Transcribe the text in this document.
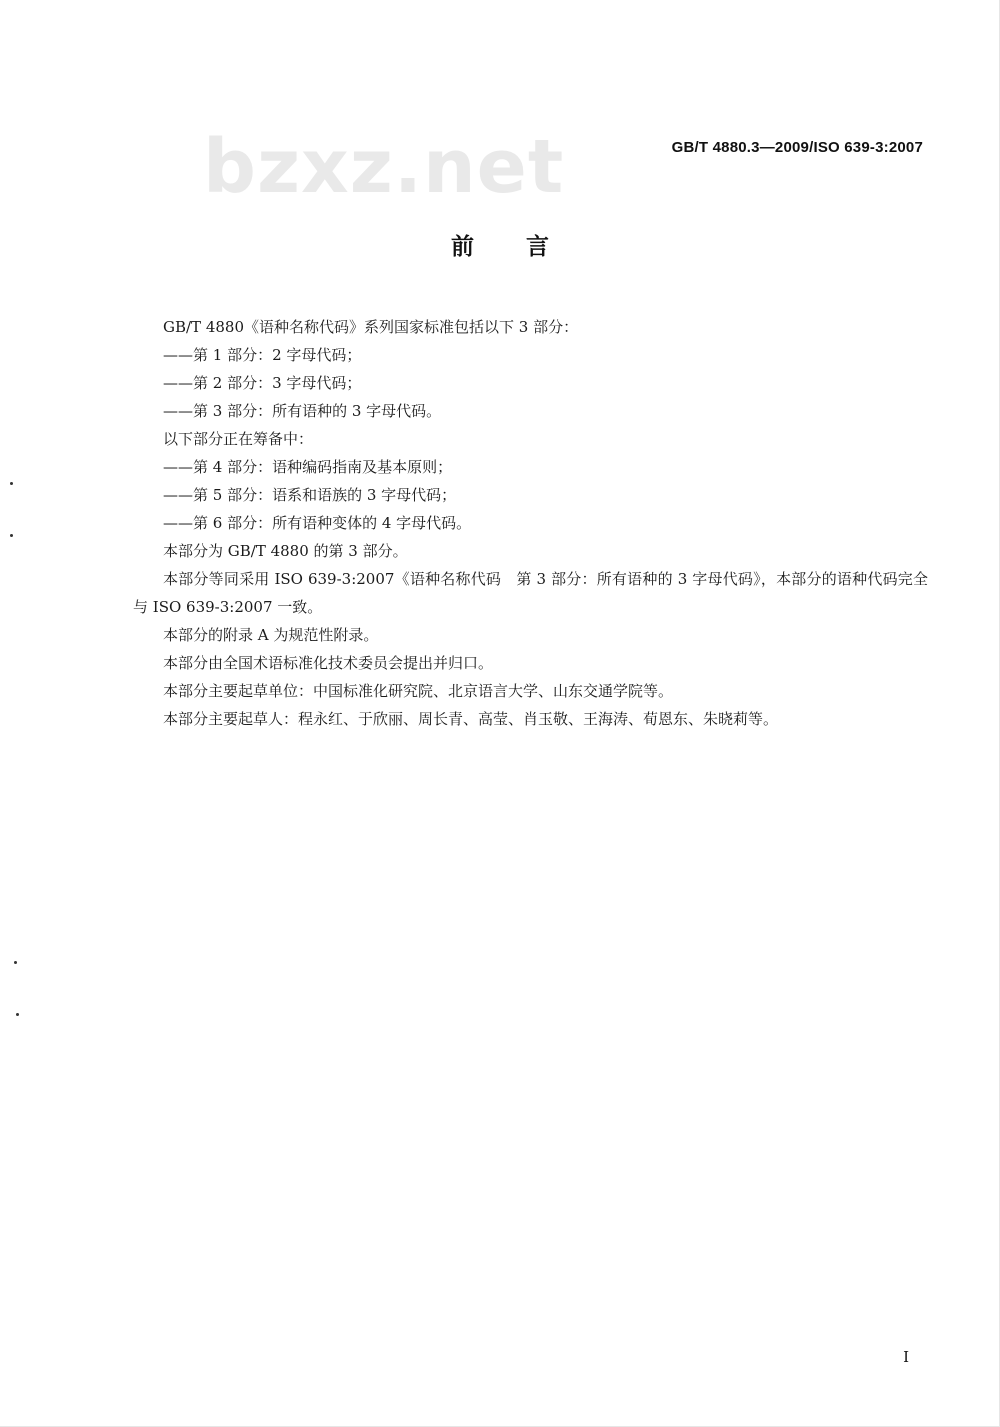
bzxz.net	GB/T 4880.3—2009/ISO 639-3:2007
前言

GB/T 4880《语种名称代码》系列国家标准包括以下 3 部分：

——第 1 部分：2 字母代码；

——第 2 部分：3 字母代码；

——第 3 部分：所有语种的 3 字母代码。

以下部分正在筹备中：

——第 4 部分：语种编码指南及基本原则；

——第 5 部分：语系和语族的 3 字母代码；

——第 6 部分：所有语种变体的 4 字母代码。

本部分为 GB/T 4880 的第 3 部分。

本部分等同采用 ISO 639-3:2007《语种名称代码　第 3 部分：所有语种的 3 字母代码》，本部分的语种代码完全与 ISO 639-3:2007 一致。

本部分的附录 A 为规范性附录。

本部分由全国术语标准化技术委员会提出并归口。

本部分主要起草单位：中国标准化研究院、北京语言大学、山东交通学院等。

本部分主要起草人：程永红、于欣丽、周长青、高莹、肖玉敬、王海涛、荀恩东、朱晓莉等。

I
